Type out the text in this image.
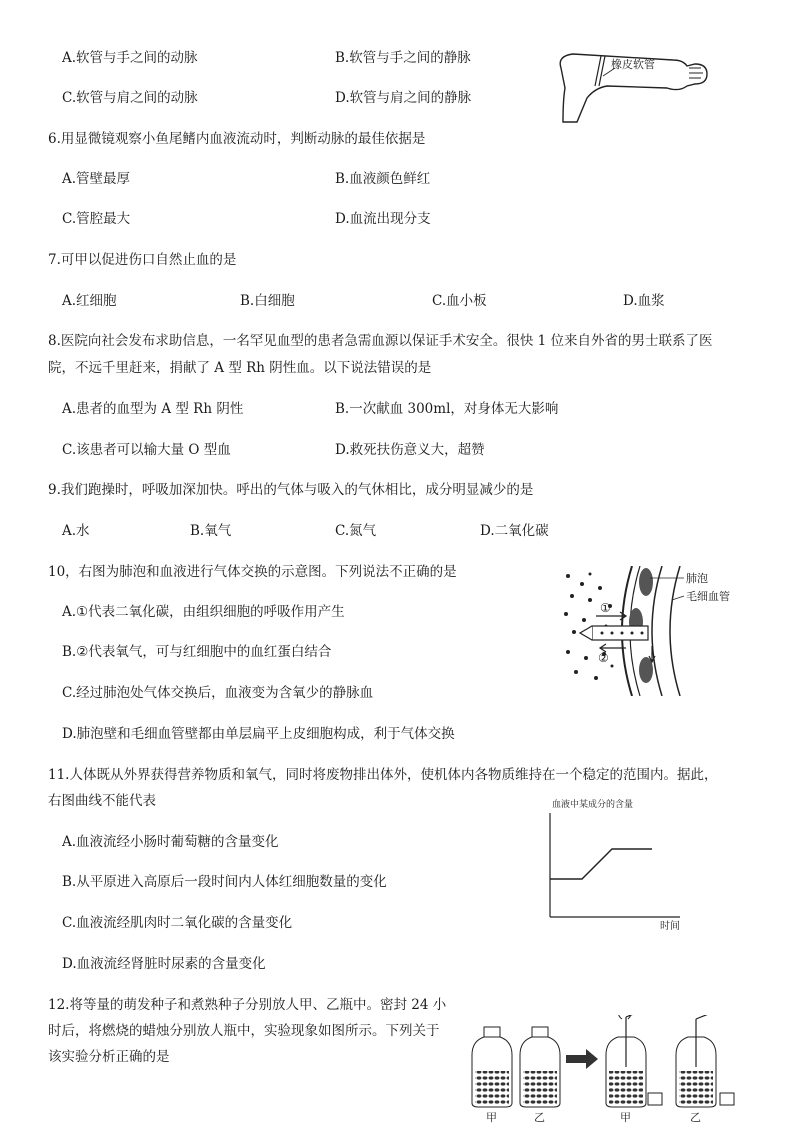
A.软管与手之间的动脉	B.软管与手之间的静脉
C.软管与肩之间的动脉	D.软管与肩之间的静脉
橡皮软管
6.用显微镜观察小鱼尾鳍内血液流动时，判断动脉的最佳依据是
A.管壁最厚	B.血液颜色鲜红
C.管腔最大	D.血流出现分支
7.可甲以促进伤口自然止血的是
A.红细胞	B.白细胞	C.血小板	D.血浆
8.医院向社会发布求助信息，一名罕见血型的患者急需血源以保证手术安全。很快 1 位来自外省的男士联系了医
院，不远千里赶来，捐献了 A 型 Rh 阴性血。以下说法错误的是
A.患者的血型为 A 型 Rh 阴性	B.一次献血 300ml，对身体无大影响
C.该患者可以输大量 O 型血	D.救死扶伤意义大，超赞
9.我们跑操时，呼吸加深加快。呼出的气体与吸入的气休相比，成分明显减少的是
A.水	B.氧气	C.氮气	D.二氧化碳
10，右图为肺泡和血液进行气体交换的示意图。下列说法不正确的是
A.①代表二氧化碳，由组织细胞的呼吸作用产生
B.②代表氧气，可与红细胞中的血红蛋白结合
C.经过肺泡处气体交换后，血液变为含氧少的静脉血
D.肺泡壁和毛细血管壁都由单层扁平上皮细胞构成，利于气体交换
①
②
肺泡
毛细血管
11.人体既从外界获得营养物质和氧气，同时将废物排出体外，使机体内各物质维持在一个稳定的范围内。据此，
右图曲线不能代表
A.血液流经小肠时葡萄糖的含量变化
B.从平原进入高原后一段时间内人体红细胞数量的变化
C.血液流经肌肉时二氧化碳的含量变化
D.血液流经肾脏时尿素的含量变化
血液中某成分的含量
时间
12.将等量的萌发种子和煮熟种子分别放人甲、乙瓶中。密封 24 小
时后，将燃烧的蜡烛分别放人瓶中，实验现象如图所示。下列关于
该实验分析正确的是
甲	乙	甲	乙
